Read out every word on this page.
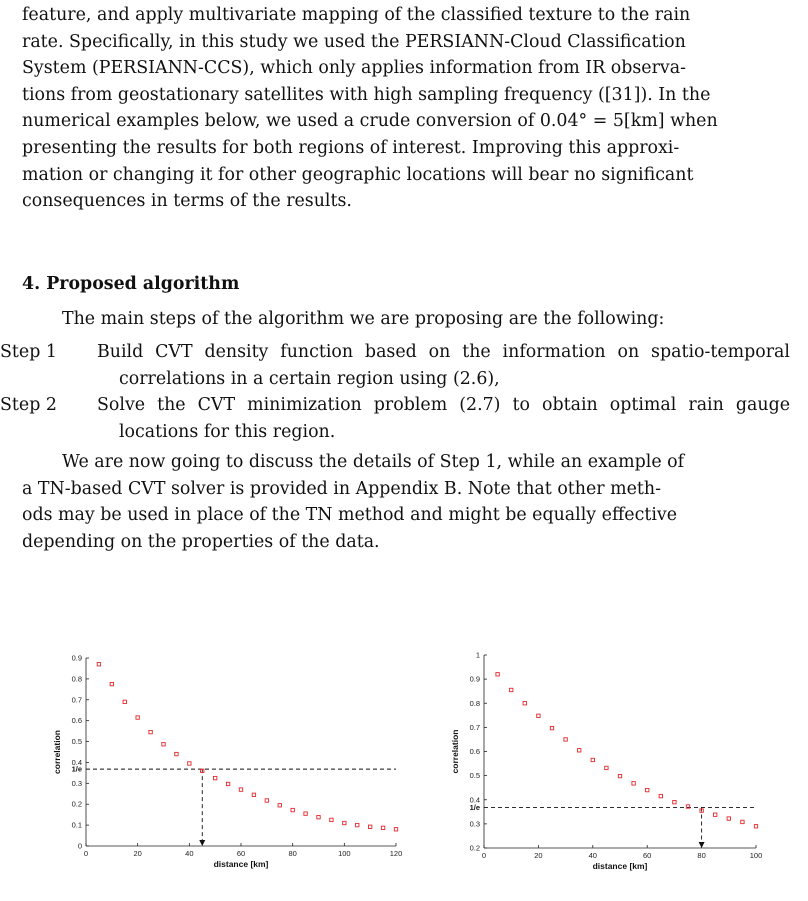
feature, and apply multivariate mapping of the classified texture to the rain

rate. Specifically, in this study we used the PERSIANN-Cloud Classification

System (PERSIANN-CCS), which only applies information from IR observa-

tions from geostationary satellites with high sampling frequency ([31]). In the

numerical examples below, we used a crude conversion of 0.04° = 5[km] when

presenting the results for both regions of interest. Improving this approxi-

mation or changing it for other geographic locations will bear no significant

consequences in terms of the results.

4. Proposed algorithm
The main steps of the algorithm we are proposing are the following:
Step 1 Build CVT density function based on the information on spatio-temporal correlations in a certain region using (2.6),
Step 2 Solve the CVT minimization problem (2.7) to obtain optimal rain gauge locations for this region.

We are now going to discuss the details of Step 1, while an example of

a TN-based CVT solver is provided in Appendix B. Note that other meth-

ods may be used in place of the TN method and might be equally effective

depending on the properties of the data.

0
0.1
0.2
0.3
0.4
0.5
0.6
0.7
0.8
0.9
0	20	40	60	80	100	120
1/e
distance [km]
correlation
0.2
0.3
0.4
0.5
0.6
0.7
0.8
0.9
1
0	20	40	60	80	100
1/e
distance [km]
correlation
